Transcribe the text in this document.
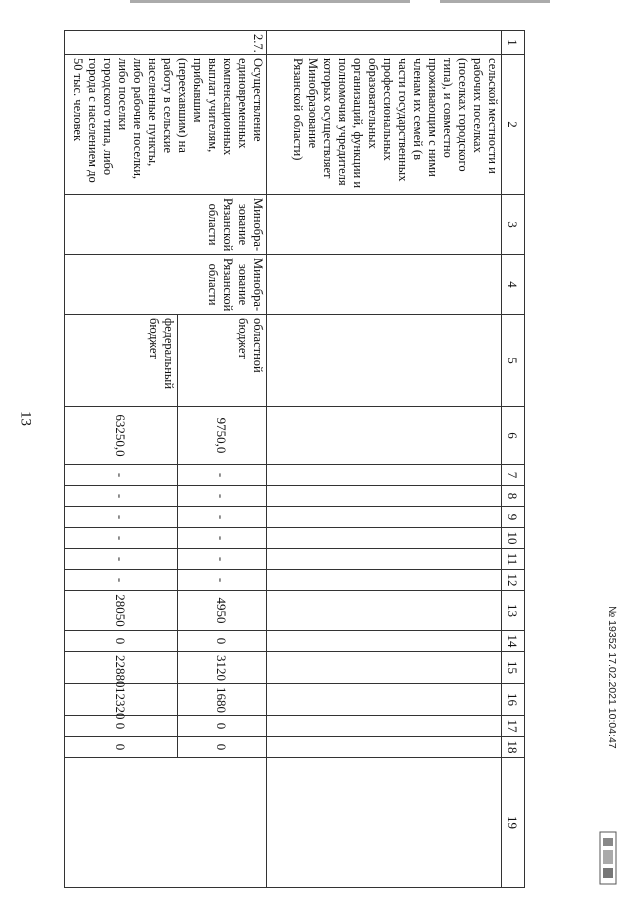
13
1	2	3	4	5	6	7	8	9	10	11	12	13	14	15	16	17	18	19
	сельской местности и рабочих поселках (поселках городского типа), и совместно проживающим с ними членам их семей (в части государственных профессиональных образовательных организаций, функции и полномочия учредителя которых осуществляет Минобразование Рязанской области)																	
2.7.	Осуществление единовременных компенсационных выплат учителям, прибывшим (переехавшим) на работу в сельские населенные пункты, либо рабочие поселки, либо поселки городского типа, либо города с населением до 50 тыс. человек	Минобра-зование Рязанской области	Минобра-зование Рязанской области	областной бюджет	9750,0	-	-	-	-	-	-	4950	0	3120	1680	0	0	
				федеральный бюджет	63250,0	-	-	-	-	-	-	28050	0	22880	12320	0	0		№ 19352 17.02.2021 10:04:47
